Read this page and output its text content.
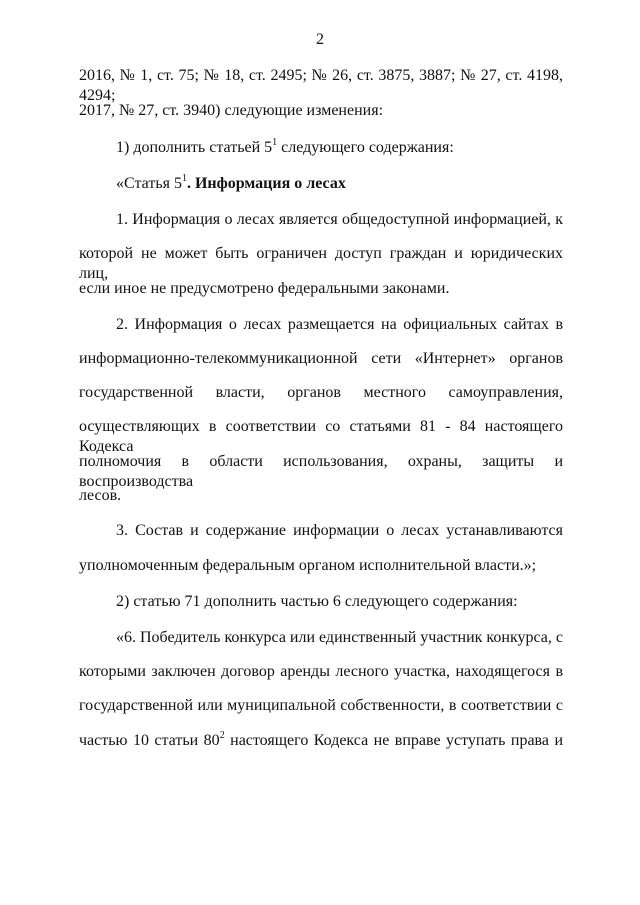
2
2016, № 1, ст. 75; № 18, ст. 2495; № 26, ст. 3875, 3887; № 27, ст. 4198, 4294;
2017, № 27, ст. 3940) следующие изменения:
1) дополнить статьей $5^1$ следующего содержания:
«Статья $5^1$. Информация о лесах
1. Информация о лесах является общедоступной информацией, к
которой не может быть ограничен доступ граждан и юридических лиц,
если иное не предусмотрено федеральными законами.
2. Информация о лесах размещается на официальных сайтах в
информационно-телекоммуникационной сети «Интернет» органов
государственной власти, органов местного самоуправления,
осуществляющих в соответствии со статьями 81 - 84 настоящего Кодекса
полномочия в области использования, охраны, защиты и воспроизводства
лесов.
3. Состав и содержание информации о лесах устанавливаются
уполномоченным федеральным органом исполнительной власти.»;
2) статью 71 дополнить частью 6 следующего содержания:
«6. Победитель конкурса или единственный участник конкурса, с
которыми заключен договор аренды лесного участка, находящегося в
государственной или муниципальной собственности, в соответствии с
частью 10 статьи $80^2$ настоящего Кодекса не вправе уступать права и
